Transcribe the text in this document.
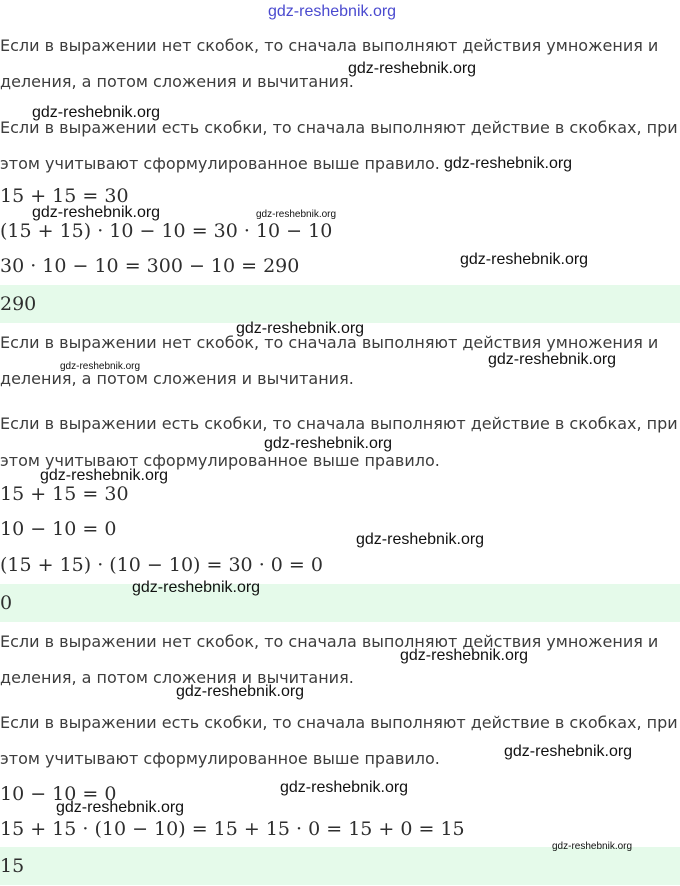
gdz-reshebnik.org

Если в выражении нет скобок, то сначала выполняют действия умножения и

деления, а потом сложения и вычитания.

Если в выражении есть скобки, то сначала выполняют действие в скобках, при

этом учитывают сформулированное выше правило.

15 + 15 = 30
(15 + 15) · 10 − 10 = 30 · 10 − 10
30 · 10 − 10 = 300 − 10 = 290
290

Если в выражении нет скобок, то сначала выполняют действия умножения и

деления, а потом сложения и вычитания.

Если в выражении есть скобки, то сначала выполняют действие в скобках, при

этом учитывают сформулированное выше правило.

15 + 15 = 30
10 − 10 = 0
(15 + 15) · (10 − 10) = 30 · 0 = 0
0

Если в выражении нет скобок, то сначала выполняют действия умножения и

деления, а потом сложения и вычитания.

Если в выражении есть скобки, то сначала выполняют действие в скобках, при

этом учитывают сформулированное выше правило.

10 − 10 = 0
15 + 15 · (10 − 10) = 15 + 15 · 0 = 15 + 0 = 15
15
gdz-reshebnik.org
gdz-reshebnik.org
gdz-reshebnik.org
gdz-reshebnik.org	gdz-reshebnik.org
gdz-reshebnik.org
gdz-reshebnik.org
gdz-reshebnik.org
gdz-reshebnik.org
gdz-reshebnik.org
gdz-reshebnik.org
gdz-reshebnik.org
gdz-reshebnik.org
gdz-reshebnik.org
gdz-reshebnik.org
gdz-reshebnik.org
gdz-reshebnik.org
gdz-reshebnik.org
gdz-reshebnik.org
